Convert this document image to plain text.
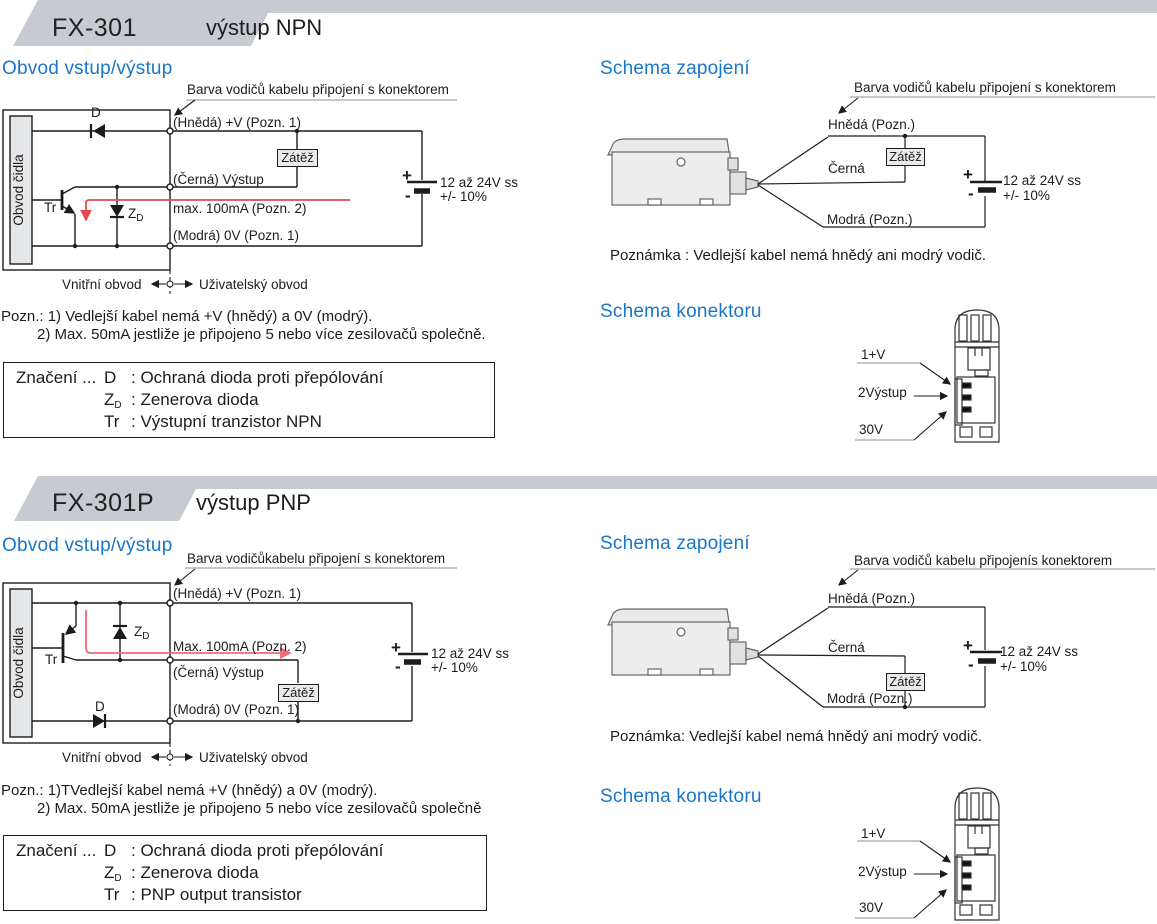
FX-301	výstup NPN
Obvod vstup/výstup	Schema zapojení
Schema konektoru
Barva vodičů kabelu připojení s konektorem	Barva vodičů kabelu připojení s konektorem
Obvod čidla
D
Tr	$Z_D$
(Hnědá) +V (Pozn. 1)
(Černá) Výstup
max. 100mA (Pozn. 2)
(Modrá) 0V (Pozn. 1)
Zátěž
+
-
12 až 24V ss
+/- 10%
Vnitřní obvod	Uživatelský obvod
Pozn.: 1) Vedlejší kabel nemá +V (hnědý) a 0V (modrý).
2) Max. 50mA jestliže je připojeno 5 nebo více zesilovačů společně.
Značení ... D : Ochraná dioda proti přepólování
$Z_D$ : Zenerova dioda
Tr : Výstupní tranzistor NPN
Hnědá (Pozn.)
Černá
Modrá (Pozn.)
Zátěž
+
-
12 až 24V ss
+/- 10%
Poznámka : Vedlejší kabel nemá hnědý ani modrý vodič.
1+V
2Výstup
30V
FX-301P výstup PNP
Obvod vstup/výstup	Schema zapojení
Schema konektoru
Barva vodičůkabelu připojení s konektorem	Barva vodičů kabelu připojenís konektorem
Obvod čidla
D
Tr
$Z_D$
(Hnědá) +V (Pozn. 1)
Max. 100mA (Pozn. 2)
(Černá) Výstup
(Modrá) 0V (Pozn. 1)
Zátěž
+
-
12 až 24V ss
+/- 10%
Vnitřní obvod	Uživatelský obvod
Pozn.: 1)TVedlejší kabel nemá +V (hnědý) a 0V (modrý).
2) Max. 50mA jestliže je připojeno 5 nebo více zesilovačů společně
Značení ... D : Ochraná dioda proti přepólování
$Z_D$ : Zenerova dioda
Tr : PNP output transistor
Hnědá (Pozn.)
Černá
Modrá (Pozn.)
Zátěž
+
-
12 až 24V ss
+/- 10%
Poznámka: Vedlejší kabel nemá hnědý ani modrý vodič.
1+V
2Výstup
30V
